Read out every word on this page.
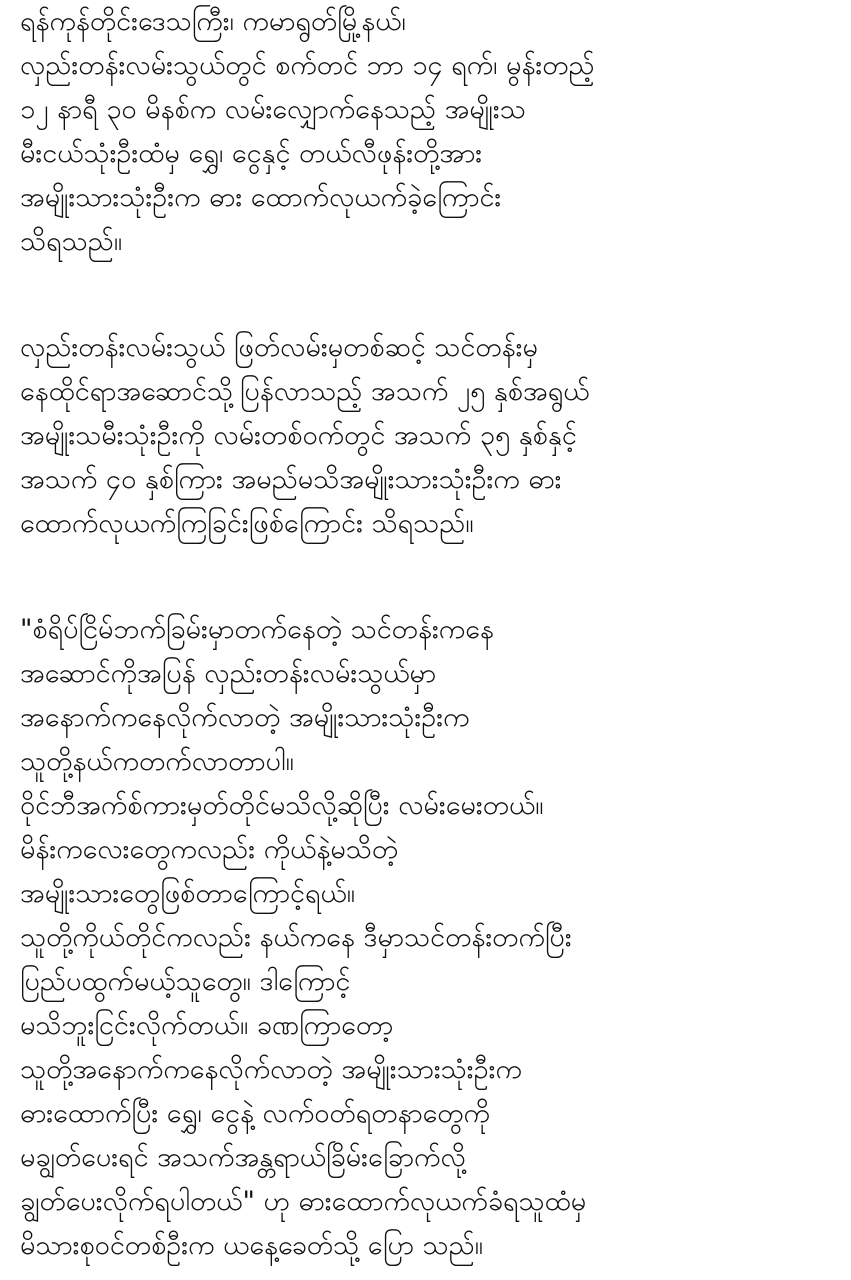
ရန်ကုန်တိုင်းဒေသကြီး၊ ကမာရွတ်မြို့နယ်၊
လှည်းတန်းလမ်းသွယ်တွင် စက်တင် ဘာ ၁၄ ရက်၊ မွန်းတည့်
၁၂ နာရီ ၃၀ မိနစ်က လမ်းလျှောက်နေသည့် အမျိုးသ
မီးငယ်သုံးဦးထံမှ ရွှေ၊ ငွေနှင့် တယ်လီဖုန်းတို့အား
အမျိုးသားသုံးဦးက ဓား ထောက်လုယက်ခဲ့ကြောင်း
သိရသည်။
လှည်းတန်းလမ်းသွယ် ဖြတ်လမ်းမှတစ်ဆင့် သင်တန်းမှ
နေထိုင်ရာအဆောင်သို့ပြန်လာသည့် အသက် ၂၅ နှစ်အရွယ်
အမျိုးသမီးသုံးဦးကို လမ်းတစ်ဝက်တွင် အသက် ၃၅ နှစ်နှင့်
အသက် ၄၀ နှစ်ကြား အမည်မသိအမျိုးသားသုံးဦးက ဓား
ထောက်လုယက်ကြခြင်းဖြစ်ကြောင်း သိရသည်။
"စံရိပ်ငြိမ်ဘက်ခြမ်းမှာတက်နေတဲ့ သင်တန်းကနေ
အဆောင်ကိုအပြန် လှည်းတန်းလမ်းသွယ်မှာ
အနောက်ကနေလိုက်လာတဲ့ အမျိုးသားသုံးဦးက
သူတို့နယ်ကတက်လာတာပါ။
ဝိုင်ဘီအက်စ်ကားမှတ်တိုင်မသိလို့ဆိုပြီး လမ်းမေးတယ်။
မိန်းကလေးတွေကလည်း ကိုယ်နဲ့မသိတဲ့
အမျိုးသားတွေဖြစ်တာကြောင့်ရယ်။
သူတို့ကိုယ်တိုင်ကလည်း နယ်ကနေ ဒီမှာသင်တန်းတက်ပြီး
ပြည်ပထွက်မယ့်သူတွေ။ ဒါကြောင့်
မသိဘူးငြင်းလိုက်တယ်။ ခဏကြာတော့
သူတို့အနောက်ကနေလိုက်လာတဲ့ အမျိုးသားသုံးဦးက
ဓားထောက်ပြီး ရွှေ၊ ငွေနဲ့ လက်ဝတ်ရတနာတွေကို
မချွတ်ပေးရင် အသက်အန္တရာယ်ခြိမ်းခြောက်လို့
ချွတ်ပေးလိုက်ရပါတယ်" ဟု ဓားထောက်လုယက်ခံရသူထံမှ
မိသားစုဝင်တစ်ဦးက ယနေ့ခေတ်သို့ ပြော သည်။
